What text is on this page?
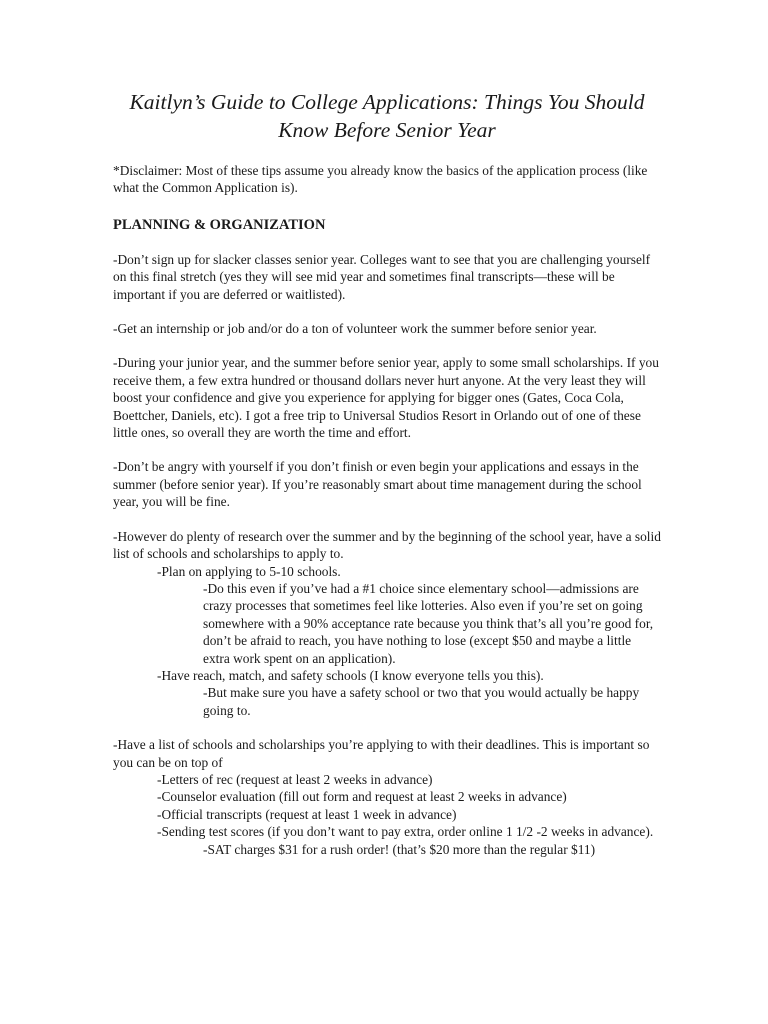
Kaitlyn’s Guide to College Applications: Things You Should Know Before Senior Year

*Disclaimer: Most of these tips assume you already know the basics of the application process (like what the Common Application is).

PLANNING & ORGANIZATION

-Don’t sign up for slacker classes senior year. Colleges want to see that you are challenging yourself on this final stretch (yes they will see mid year and sometimes final transcripts—these will be important if you are deferred or waitlisted).

-Get an internship or job and/or do a ton of volunteer work the summer before senior year.

-During your junior year, and the summer before senior year, apply to some small scholarships. If you receive them, a few extra hundred or thousand dollars never hurt anyone. At the very least they will boost your confidence and give you experience for applying for bigger ones (Gates, Coca Cola, Boettcher, Daniels, etc). I got a free trip to Universal Studios Resort in Orlando out of one of these little ones, so overall they are worth the time and effort.

-Don’t be angry with yourself if you don’t finish or even begin your applications and essays in the summer (before senior year). If you’re reasonably smart about time management during the school year, you will be fine.

-However do plenty of research over the summer and by the beginning of the school year, have a solid list of schools and scholarships to apply to.

-Plan on applying to 5-10 schools.
-Do this even if you’ve had a #1 choice since elementary school—admissions are crazy processes that sometimes feel like lotteries. Also even if you’re set on going somewhere with a 90% acceptance rate because you think that’s all you’re good for, don’t be afraid to reach, you have nothing to lose (except $50 and maybe a little extra work spent on an application).
-Have reach, match, and safety schools (I know everyone tells you this).
-But make sure you have a safety school or two that you would actually be happy going to.

-Have a list of schools and scholarships you’re applying to with their deadlines. This is important so you can be on top of

-Letters of rec (request at least 2 weeks in advance)
-Counselor evaluation (fill out form and request at least 2 weeks in advance)
-Official transcripts (request at least 1 week in advance)
-Sending test scores (if you don’t want to pay extra, order online 1 1/2 -2 weeks in advance).
-SAT charges $31 for a rush order! (that’s $20 more than the regular $11)
